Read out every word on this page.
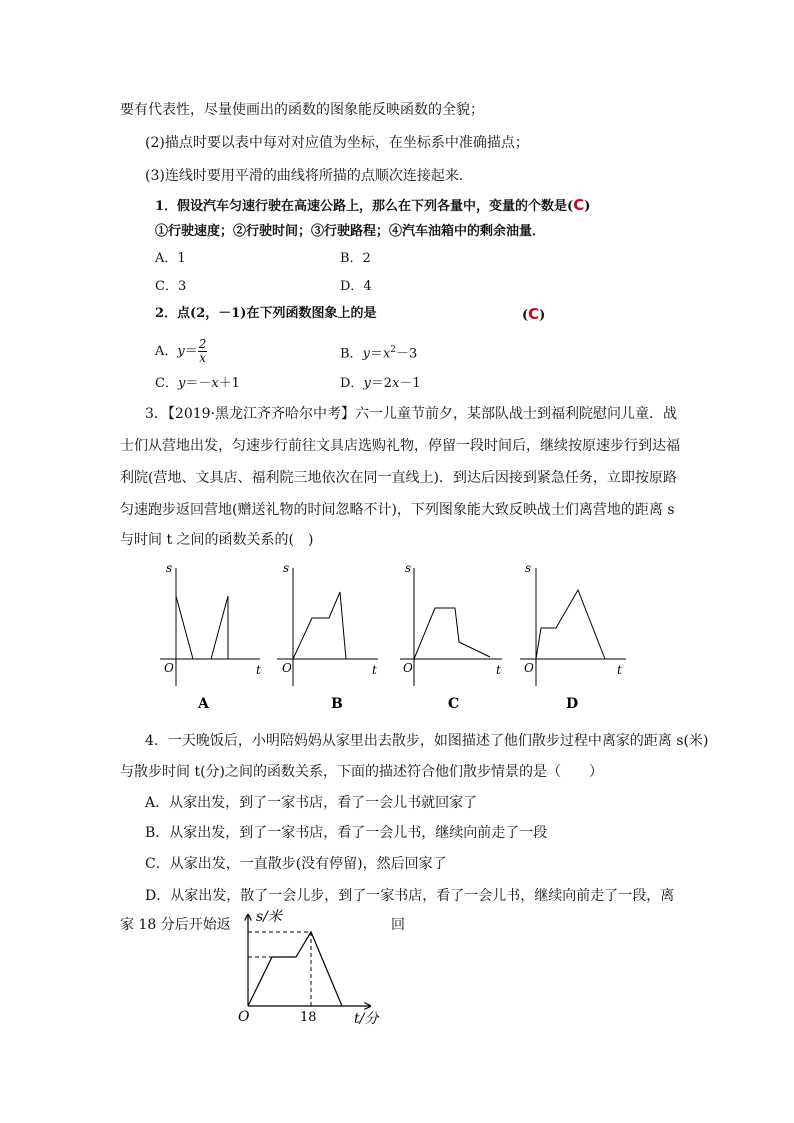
要有代表性，尽量使画出的函数的图象能反映函数的全貌；
(2)描点时要以表中每对对应值为坐标，在坐标系中准确描点；
(3)连线时要用平滑的曲线将所描的点顺次连接起来．
1．假设汽车匀速行驶在高速公路上，那么在下列各量中，变量的个数是(C)
①行驶速度；②行驶时间；③行驶路程；④汽车油箱中的剩余油量．
A．1	B．2
C．3	D．4
2．点(2，－1)在下列函数图象上的是	(C)
A．$y= \frac{2}{x}$	B．$y=x^2-3$
C．y＝－x＋1	D．y＝2x－1
3．【2019·黑龙江齐齐哈尔中考】六一儿童节前夕，某部队战士到福利院慰问儿童．战
士们从营地出发，匀速步行前往文具店选购礼物，停留一段时间后，继续按原速步行到达福
利院(营地、文具店、福利院三地依次在同一直线上)．到达后因接到紧急任务，立即按原路
匀速跑步返回营地(赠送礼物的时间忽略不计)，下列图象能大致反映战士们离营地的距离 s
与时间 t 之间的函数关系的(　)
s
t
O
A
s
t
O
B
s
t
O
C
s
t
O
D
4．一天晚饭后，小明陪妈妈从家里出去散步，如图描述了他们散步过程中离家的距离 s(米)
与散步时间 t(分)之间的函数关系，下面的描述符合他们散步情景的是（　　）
A．从家出发，到了一家书店，看了一会儿书就回家了
B．从家出发，到了一家书店，看了一会儿书，继续向前走了一段
C．从家出发，一直散步(没有停留)，然后回家了
D．从家出发，散了一会儿步，到了一家书店，看了一会儿书，继续向前走了一段，离
家 18 分后开始返	回
s/米
t/分
O	18
